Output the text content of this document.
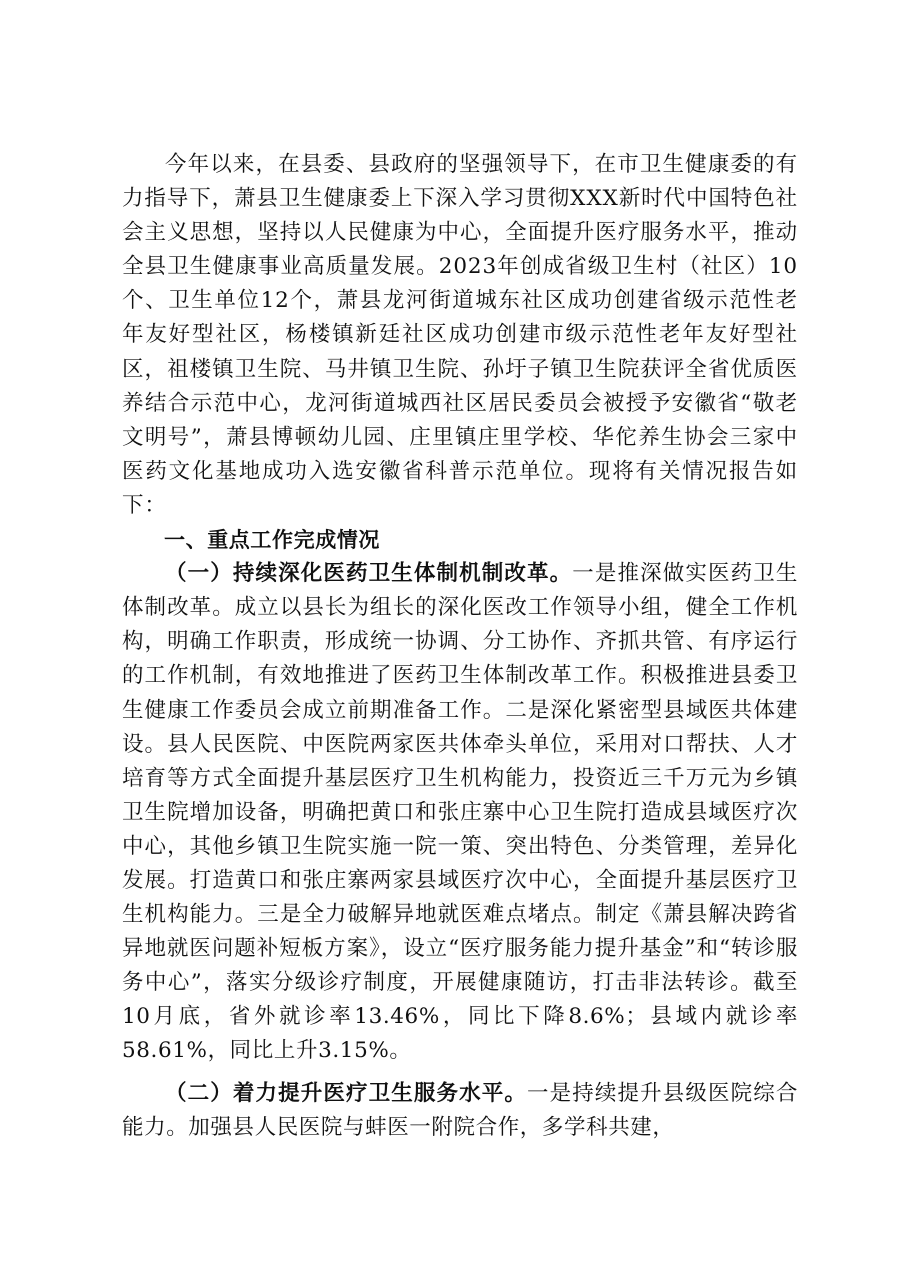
今年以来，在县委、县政府的坚强领导下，在市卫生健康委的有力指导下，萧县卫生健康委上下深入学习贯彻XXX新时代中国特色社会主义思想，坚持以人民健康为中心，全面提升医疗服务水平，推动全县卫生健康事业高质量发展。2023年创成省级卫生村（社区）10个、卫生单位12个，萧县龙河街道城东社区成功创建省级示范性老年友好型社区，杨楼镇新廷社区成功创建市级示范性老年友好型社区，祖楼镇卫生院、马井镇卫生院、孙圩子镇卫生院获评全省优质医养结合示范中心，龙河街道城西社区居民委员会被授予安徽省“敬老文明号”，萧县博顿幼儿园、庄里镇庄里学校、华佗养生协会三家中医药文化基地成功入选安徽省科普示范单位。现将有关情况报告如下：

一、重点工作完成情况

（一）持续深化医药卫生体制机制改革。一是推深做实医药卫生体制改革。成立以县长为组长的深化医改工作领导小组，健全工作机构，明确工作职责，形成统一协调、分工协作、齐抓共管、有序运行的工作机制，有效地推进了医药卫生体制改革工作。积极推进县委卫生健康工作委员会成立前期准备工作。二是深化紧密型县域医共体建设。县人民医院、中医院两家医共体牵头单位，采用对口帮扶、人才培育等方式全面提升基层医疗卫生机构能力，投资近三千万元为乡镇卫生院增加设备，明确把黄口和张庄寨中心卫生院打造成县域医疗次中心，其他乡镇卫生院实施一院一策、突出特色、分类管理，差异化发展。打造黄口和张庄寨两家县域医疗次中心，全面提升基层医疗卫生机构能力。三是全力破解异地就医难点堵点。制定《萧县解决跨省异地就医问题补短板方案》，设立“医疗服务能力提升基金”和“转诊服务中心”，落实分级诊疗制度，开展健康随访，打击非法转诊。截至10月底，省外就诊率13.46%，同比下降8.6%；县域内就诊率58.61%，同比上升3.15%。

（二）着力提升医疗卫生服务水平。一是持续提升县级医院综合能力。加强县人民医院与蚌医一附院合作，多学科共建，
